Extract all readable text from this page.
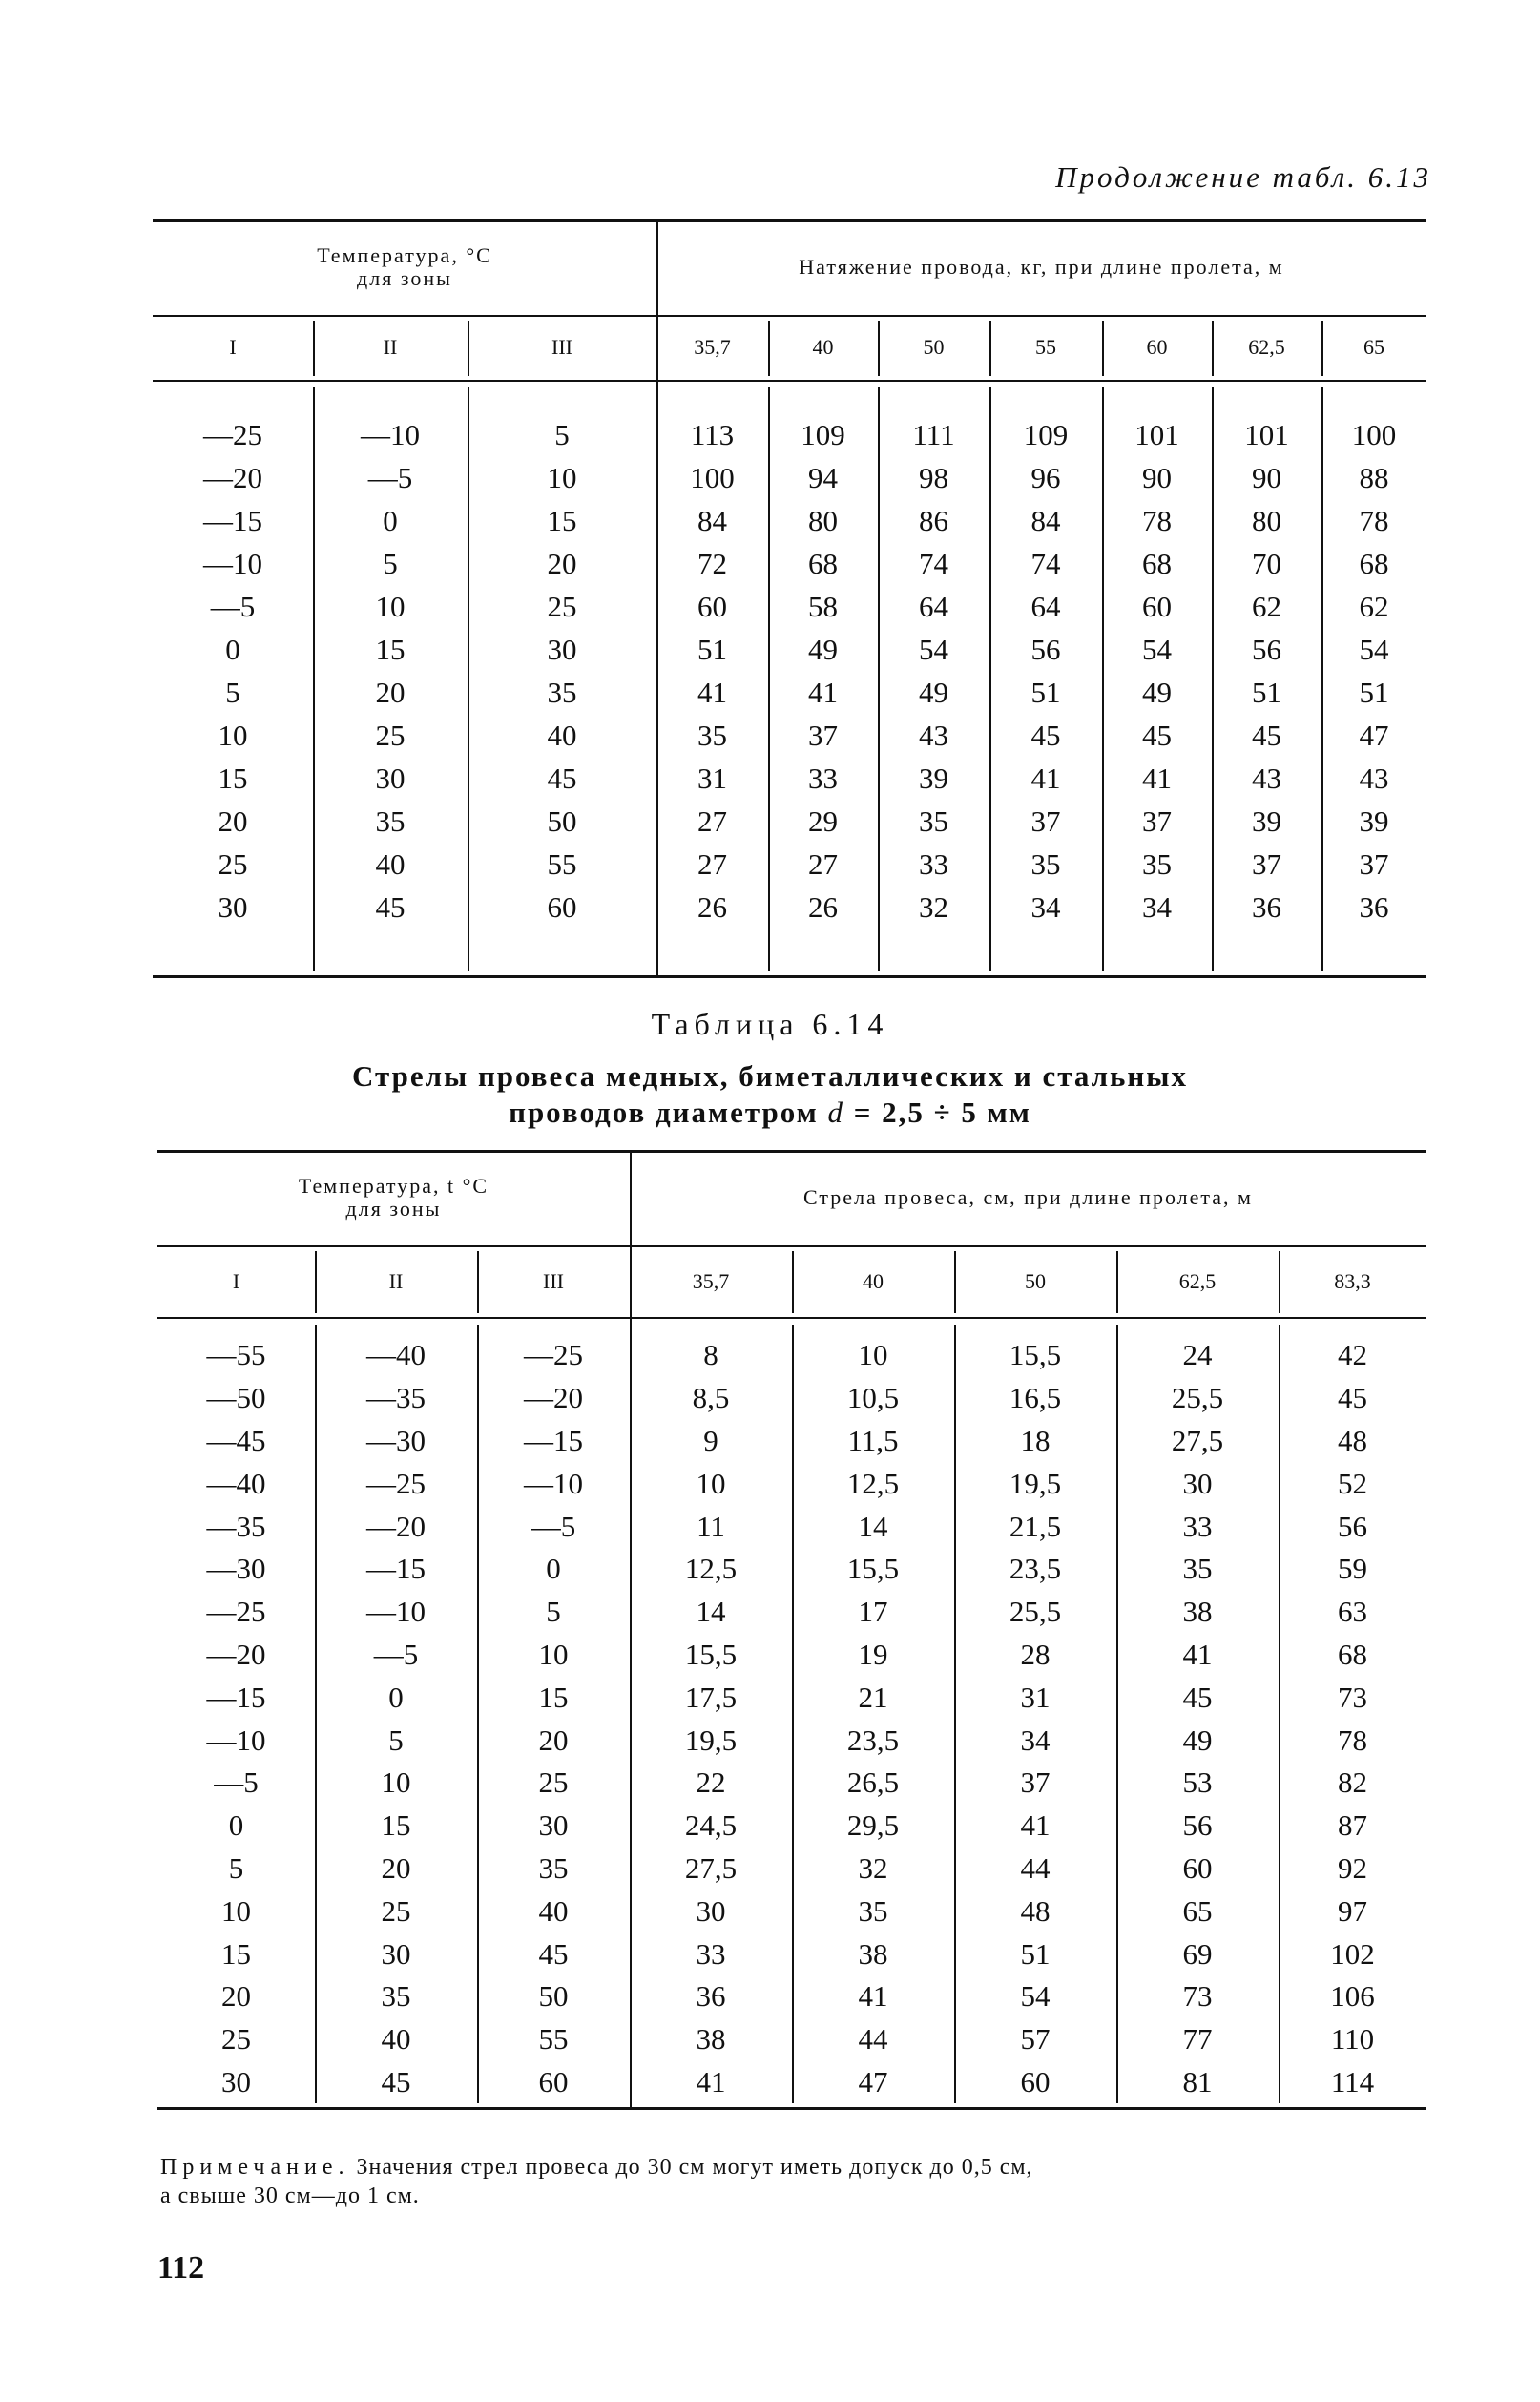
Продолжение табл. 6.13
Температура, °С
для зоны	Натяжение провода, кг, при длине пролета, м
I	II	III	35,7	40	50	55	60	62,5	65
—25	—10	5	113	109	111	109	101	101	100
—20	—5	10	100	94	98	96	90	90	88
—15	0	15	84	80	86	84	78	80	78
—10	5	20	72	68	74	74	68	70	68
—5	10	25	60	58	64	64	60	62	62
0	15	30	51	49	54	56	54	56	54
5	20	35	41	41	49	51	49	51	51
10	25	40	35	37	43	45	45	45	47
15	30	45	31	33	39	41	41	43	43
20	35	50	27	29	35	37	37	39	39
25	40	55	27	27	33	35	35	37	37
30	45	60	26	26	32	34	34	36	36
Таблица 6.14
Стрелы провеса медных, биметаллических и стальных
проводов диаметром d = 2,5 ÷ 5 мм
Температура, t °С
для зоны	Стрела провеса, см, при длине пролета, м
I	II	III	35,7	40	50	62,5	83,3
—55	—40	—25	8	10	15,5	24	42
—50	—35	—20	8,5	10,5	16,5	25,5	45
—45	—30	—15	9	11,5	18	27,5	48
—40	—25	—10	10	12,5	19,5	30	52
—35	—20	—5	11	14	21,5	33	56
—30	—15	0	12,5	15,5	23,5	35	59
—25	—10	5	14	17	25,5	38	63
—20	—5	10	15,5	19	28	41	68
—15	0	15	17,5	21	31	45	73
—10	5	20	19,5	23,5	34	49	78
—5	10	25	22	26,5	37	53	82
0	15	30	24,5	29,5	41	56	87
5	20	35	27,5	32	44	60	92
10	25	40	30	35	48	65	97
15	30	45	33	38	51	69	102
20	35	50	36	41	54	73	106
25	40	55	38	44	57	77	110
30	45	60	41	47	60	81	114
Примечание. Значения стрел провеса до 30 см могут иметь допуск до 0,5 см,
а свыше 30 см—до 1 см.
112
